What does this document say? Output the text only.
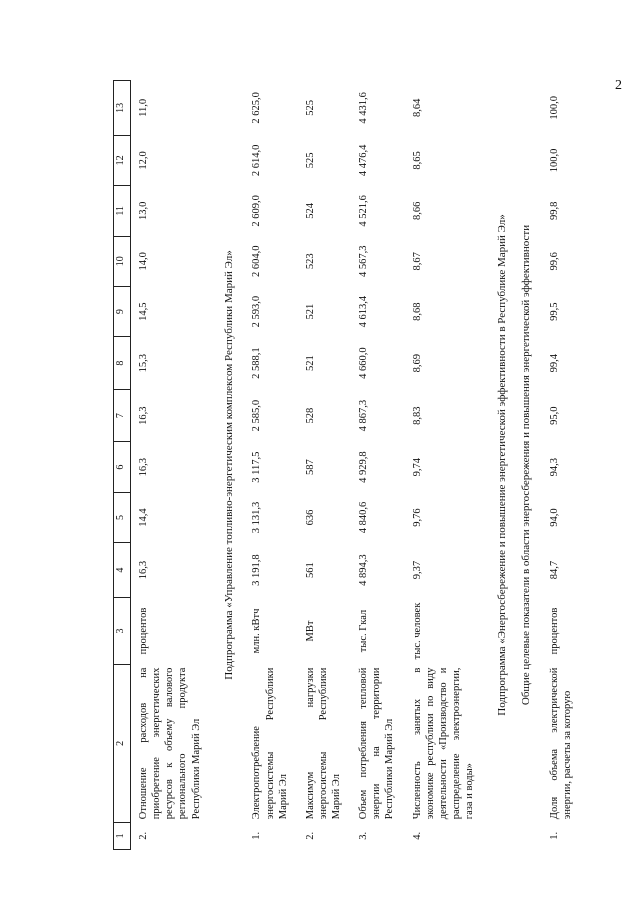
2
1	2	3	4	5	6	7	8	9	10	11	12	13
2.	Отношение расходов на приобретение энергетических ресурсов к объему валового регионального продукта Республики Марий Эл	процентов	16,3	14,4	16,3	16,3	15,3	14,5	14,0	13,0	12,0	11,0
Подпрограмма «Управление топливно-энергетическим комплексом Республики Марий Эл»												
1.	Электропотребление энергосистемы Республики Марий Эл	млн. кВтч	3 191,8	3 131,3	3 117,5	2 585,0	2 588,1	2 593,0	2 604,0	2 609,0	2 614,0	2 625,0
2.	Максимум нагрузки энергосистемы Республики Марий Эл	МВт	561	636	587	528	521	521	523	524	525	525
3.	Объем потребления тепловой энергии на территории Республики Марий Эл	тыс. Гкал	4 894,3	4 840,6	4 929,8	4 867,3	4 660,0	4 613,4	4 567,3	4 521,6	4 476,4	4 431,6
4.	Численность занятых в экономике республики по виду деятельности «Производство и распределение электроэнергии, газа и воды»	тыс. человек	9,37	9,76	9,74	8,83	8,69	8,68	8,67	8,66	8,65	8,64
Подпрограмма «Энергосбережение и повышение энергетической эффективности в Республике Марий Эл»												
Общие целевые показатели в области энергосбережения и повышения энергетической эффективности												
1.	Доля объема электрической энергии, расчеты за которую	процентов	84,7	94,0	94,3	95,0	99,4	99,5	99,6	99,8	100,0	100,0
